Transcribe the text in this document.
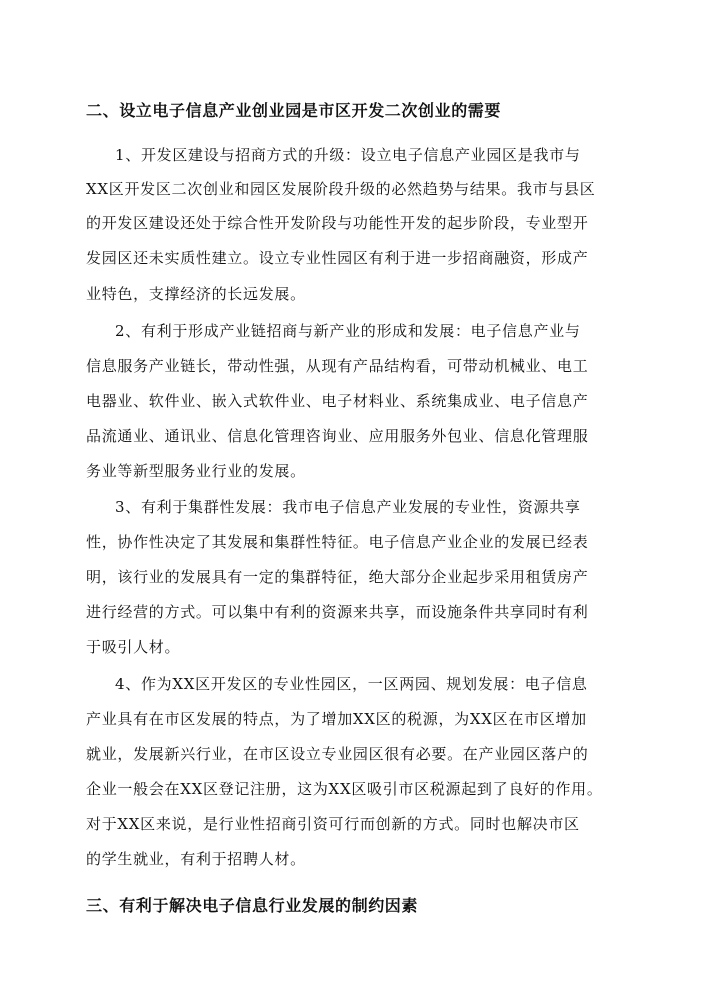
二、设立电子信息产业创业园是市区开发二次创业的需要

1、开发区建设与招商方式的升级：设立电子信息产业园区是我市与

XX区开发区二次创业和园区发展阶段升级的必然趋势与结果。我市与县区

的开发区建设还处于综合性开发阶段与功能性开发的起步阶段，专业型开

发园区还未实质性建立。设立专业性园区有利于进一步招商融资，形成产

业特色，支撑经济的长远发展。

2、有利于形成产业链招商与新产业的形成和发展：电子信息产业与

信息服务产业链长，带动性强，从现有产品结构看，可带动机械业、电工

电器业、软件业、嵌入式软件业、电子材料业、系统集成业、电子信息产

品流通业、通讯业、信息化管理咨询业、应用服务外包业、信息化管理服

务业等新型服务业行业的发展。

3、有利于集群性发展：我市电子信息产业发展的专业性，资源共享

性，协作性决定了其发展和集群性特征。电子信息产业企业的发展已经表

明，该行业的发展具有一定的集群特征，绝大部分企业起步采用租赁房产

进行经营的方式。可以集中有利的资源来共享，而设施条件共享同时有利

于吸引人材。

4、作为XX区开发区的专业性园区，一区两园、规划发展：电子信息

产业具有在市区发展的特点，为了增加XX区的税源，为XX区在市区增加

就业，发展新兴行业，在市区设立专业园区很有必要。在产业园区落户的

企业一般会在XX区登记注册，这为XX区吸引市区税源起到了良好的作用。

对于XX区来说，是行业性招商引资可行而创新的方式。同时也解决市区

的学生就业，有利于招聘人材。

三、有利于解决电子信息行业发展的制约因素
